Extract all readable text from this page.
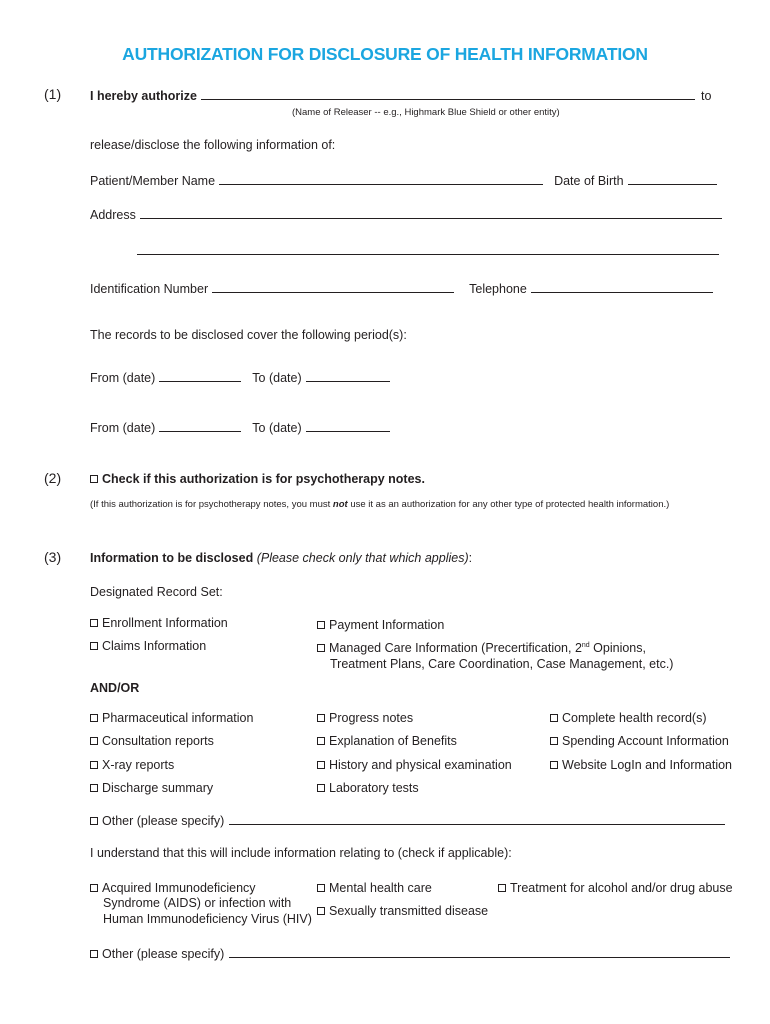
AUTHORIZATION FOR DISCLOSURE OF HEALTH INFORMATION
(1) I hereby authorize	to
(Name of Releaser -- e.g., Highmark Blue Shield or other entity)
release/disclose the following information of:
Patient/Member Name	Date of Birth
Address
Identification Number	Telephone
The records to be disclosed cover the following period(s):
From (date)	To (date)
From (date)	To (date)
(2)	Check if this authorization is for psychotherapy notes.
(If this authorization is for psychotherapy notes, you must not use it as an authorization for any other type of protected health information.)
(3) Information to be disclosed (Please check only that which applies):
Designated Record Set:
Enrollment Information	Payment Information
Claims Information	Managed Care Information (Precertification, 2nd Opinions,
Treatment Plans, Care Coordination, Case Management, etc.)
AND/OR
Pharmaceutical information	Progress notes	Complete health record(s)
Consultation reports	Explanation of Benefits	Spending Account Information
X-ray reports	History and physical examination	Website LogIn and Information
Discharge summary	Laboratory tests
Other (please specify)
I understand that this will include information relating to (check if applicable):
Acquired Immunodeficiency
Syndrome (AIDS) or infection with
Human Immunodeficiency Virus (HIV)
Mental health care	Treatment for alcohol and/or drug abuse
Sexually transmitted disease
Other (please specify)
